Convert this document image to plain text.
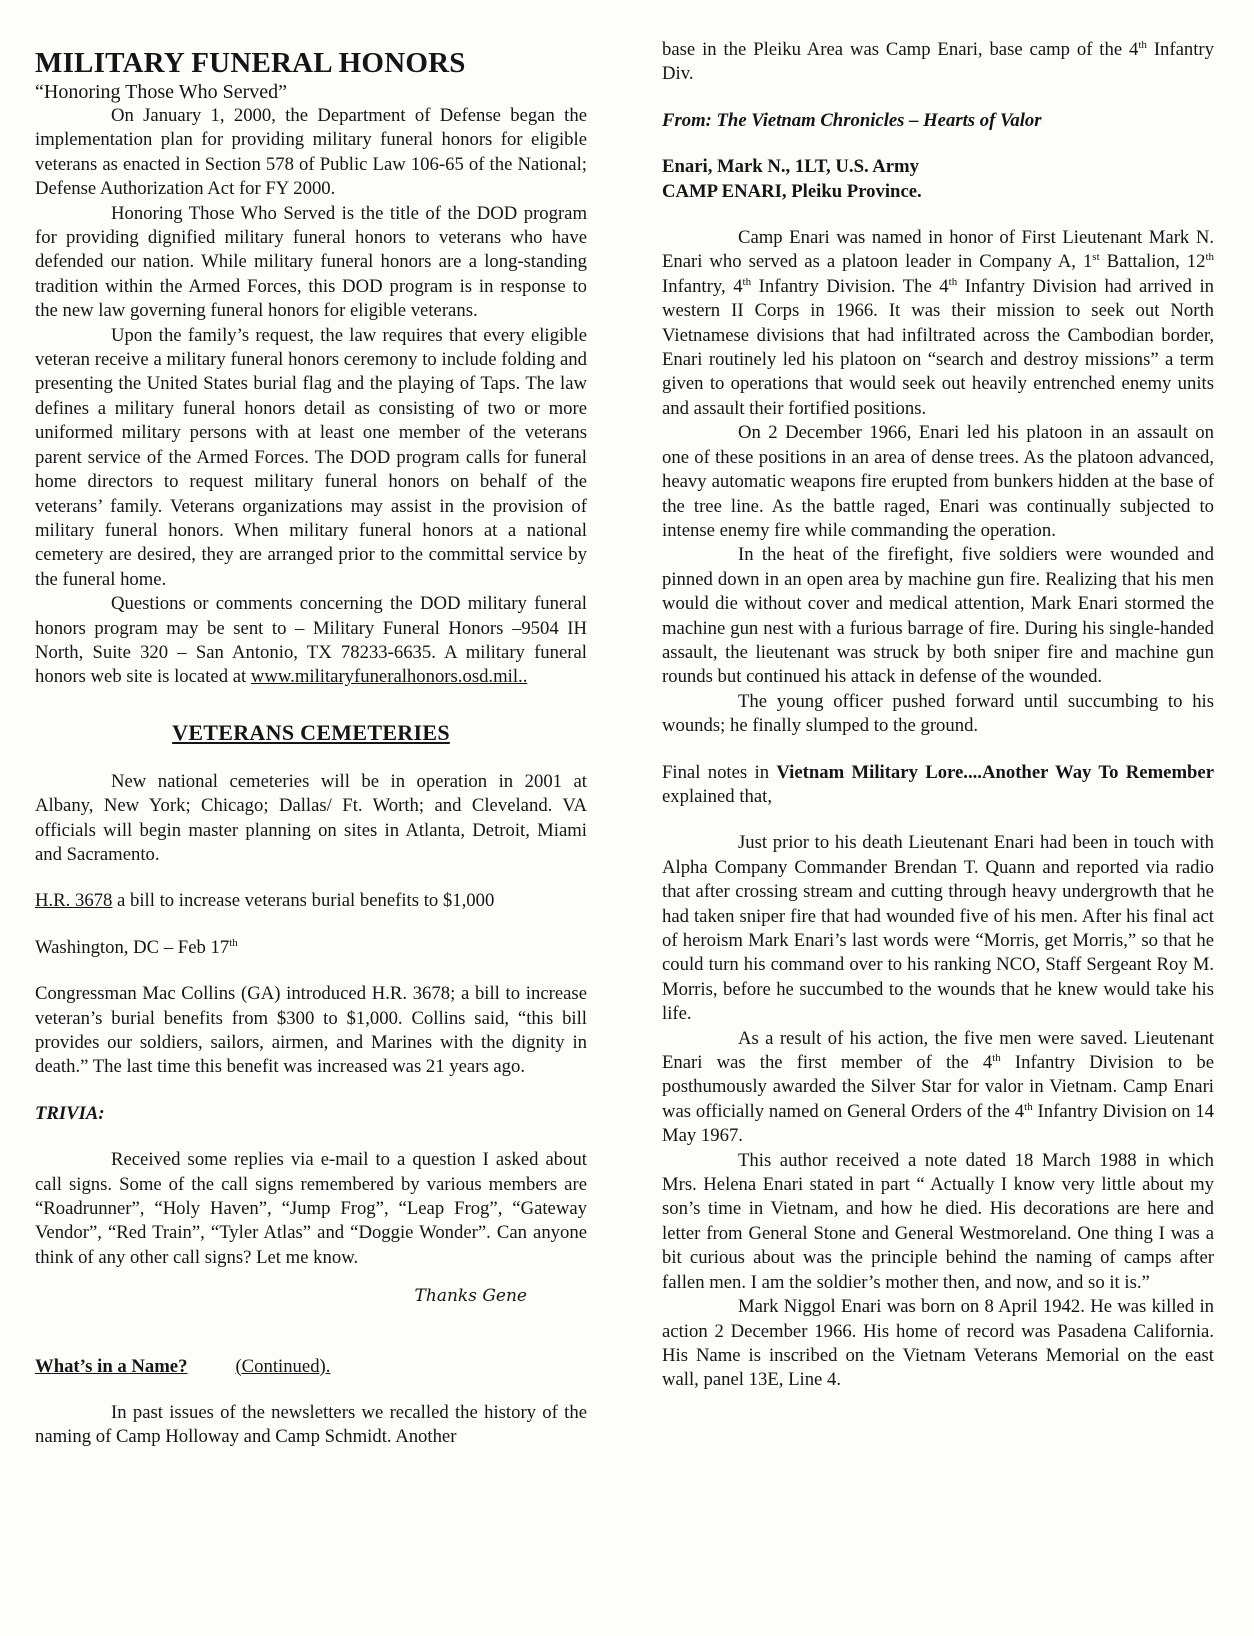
MILITARY FUNERAL HONORS

“Honoring Those Who Served”

On January 1, 2000, the Department of Defense began the implementation plan for providing military funeral honors for eligible veterans as enacted in Section 578 of Public Law 106-65 of the National; Defense Authorization Act for FY 2000.

Honoring Those Who Served is the title of the DOD program for providing dignified military funeral honors to veterans who have defended our nation. While military funeral honors are a long-standing tradition within the Armed Forces, this DOD program is in response to the new law governing funeral honors for eligible veterans.

Upon the family’s request, the law requires that every eligible veteran receive a military funeral honors ceremony to include folding and presenting the United States burial flag and the playing of Taps. The law defines a military funeral honors detail as consisting of two or more uniformed military persons with at least one member of the veterans parent service of the Armed Forces. The DOD program calls for funeral home directors to request military funeral honors on behalf of the veterans’ family. Veterans organizations may assist in the provision of military funeral honors. When military funeral honors at a national cemetery are desired, they are arranged prior to the committal service by the funeral home.

Questions or comments concerning the DOD military funeral honors program may be sent to – Military Funeral Honors –9504 IH North, Suite 320 – San Antonio, TX 78233-6635. A military funeral honors web site is located at www.militaryfuneralhonors.osd.mil..

VETERANS CEMETERIES

New national cemeteries will be in operation in 2001 at Albany, New York; Chicago; Dallas/ Ft. Worth; and Cleveland. VA officials will begin master planning on sites in Atlanta, Detroit, Miami and Sacramento.

H.R. 3678 a bill to increase veterans burial benefits to $1,000

Washington, DC – Feb 17th

Congressman Mac Collins (GA) introduced H.R. 3678; a bill to increase veteran’s burial benefits from $300 to $1,000. Collins said, “this bill provides our soldiers, sailors, airmen, and Marines with the dignity in death.” The last time this benefit was increased was 21 years ago.

TRIVIA:

Received some replies via e-mail to a question I asked about call signs. Some of the call signs remembered by various members are “Roadrunner”, “Holy Haven”, “Jump Frog”, “Leap Frog”, “Gateway Vendor”, “Red Train”, “Tyler Atlas” and “Doggie Wonder”. Can anyone think of any other call signs? Let me know.

Thanks Gene

What’s in a Name?	(Continued).

In past issues of the newsletters we recalled the history of the naming of Camp Holloway and Camp Schmidt. Another

base in the Pleiku Area was Camp Enari, base camp of the 4th Infantry Div.

From: The Vietnam Chronicles – Hearts of Valor

Enari, Mark N., 1LT, U.S. Army

CAMP ENARI, Pleiku Province.

Camp Enari was named in honor of First Lieutenant Mark N. Enari who served as a platoon leader in Company A, 1st Battalion, 12th Infantry, 4th Infantry Division. The 4th Infantry Division had arrived in western II Corps in 1966. It was their mission to seek out North Vietnamese divisions that had infiltrated across the Cambodian border, Enari routinely led his platoon on “search and destroy missions” a term given to operations that would seek out heavily entrenched enemy units and assault their fortified positions.

On 2 December 1966, Enari led his platoon in an assault on one of these positions in an area of dense trees. As the platoon advanced, heavy automatic weapons fire erupted from bunkers hidden at the base of the tree line. As the battle raged, Enari was continually subjected to intense enemy fire while commanding the operation.

In the heat of the firefight, five soldiers were wounded and pinned down in an open area by machine gun fire. Realizing that his men would die without cover and medical attention, Mark Enari stormed the machine gun nest with a furious barrage of fire. During his single-handed assault, the lieutenant was struck by both sniper fire and machine gun rounds but continued his attack in defense of the wounded.

The young officer pushed forward until succumbing to his wounds; he finally slumped to the ground.

Final notes in Vietnam Military Lore....Another Way To Remember explained that,

Just prior to his death Lieutenant Enari had been in touch with Alpha Company Commander Brendan T. Quann and reported via radio that after crossing stream and cutting through heavy undergrowth that he had taken sniper fire that had wounded five of his men. After his final act of heroism Mark Enari’s last words were “Morris, get Morris,” so that he could turn his command over to his ranking NCO, Staff Sergeant Roy M. Morris, before he succumbed to the wounds that he knew would take his life.

As a result of his action, the five men were saved. Lieutenant Enari was the first member of the 4th Infantry Division to be posthumously awarded the Silver Star for valor in Vietnam. Camp Enari was officially named on General Orders of the 4th Infantry Division on 14 May 1967.

This author received a note dated 18 March 1988 in which Mrs. Helena Enari stated in part “ Actually I know very little about my son’s time in Vietnam, and how he died. His decorations are here and letter from General Stone and General Westmoreland. One thing I was a bit curious about was the principle behind the naming of camps after fallen men. I am the soldier’s mother then, and now, and so it is.”

Mark Niggol Enari was born on 8 April 1942. He was killed in action 2 December 1966. His home of record was Pasadena California. His Name is inscribed on the Vietnam Veterans Memorial on the east wall, panel 13E, Line 4.
